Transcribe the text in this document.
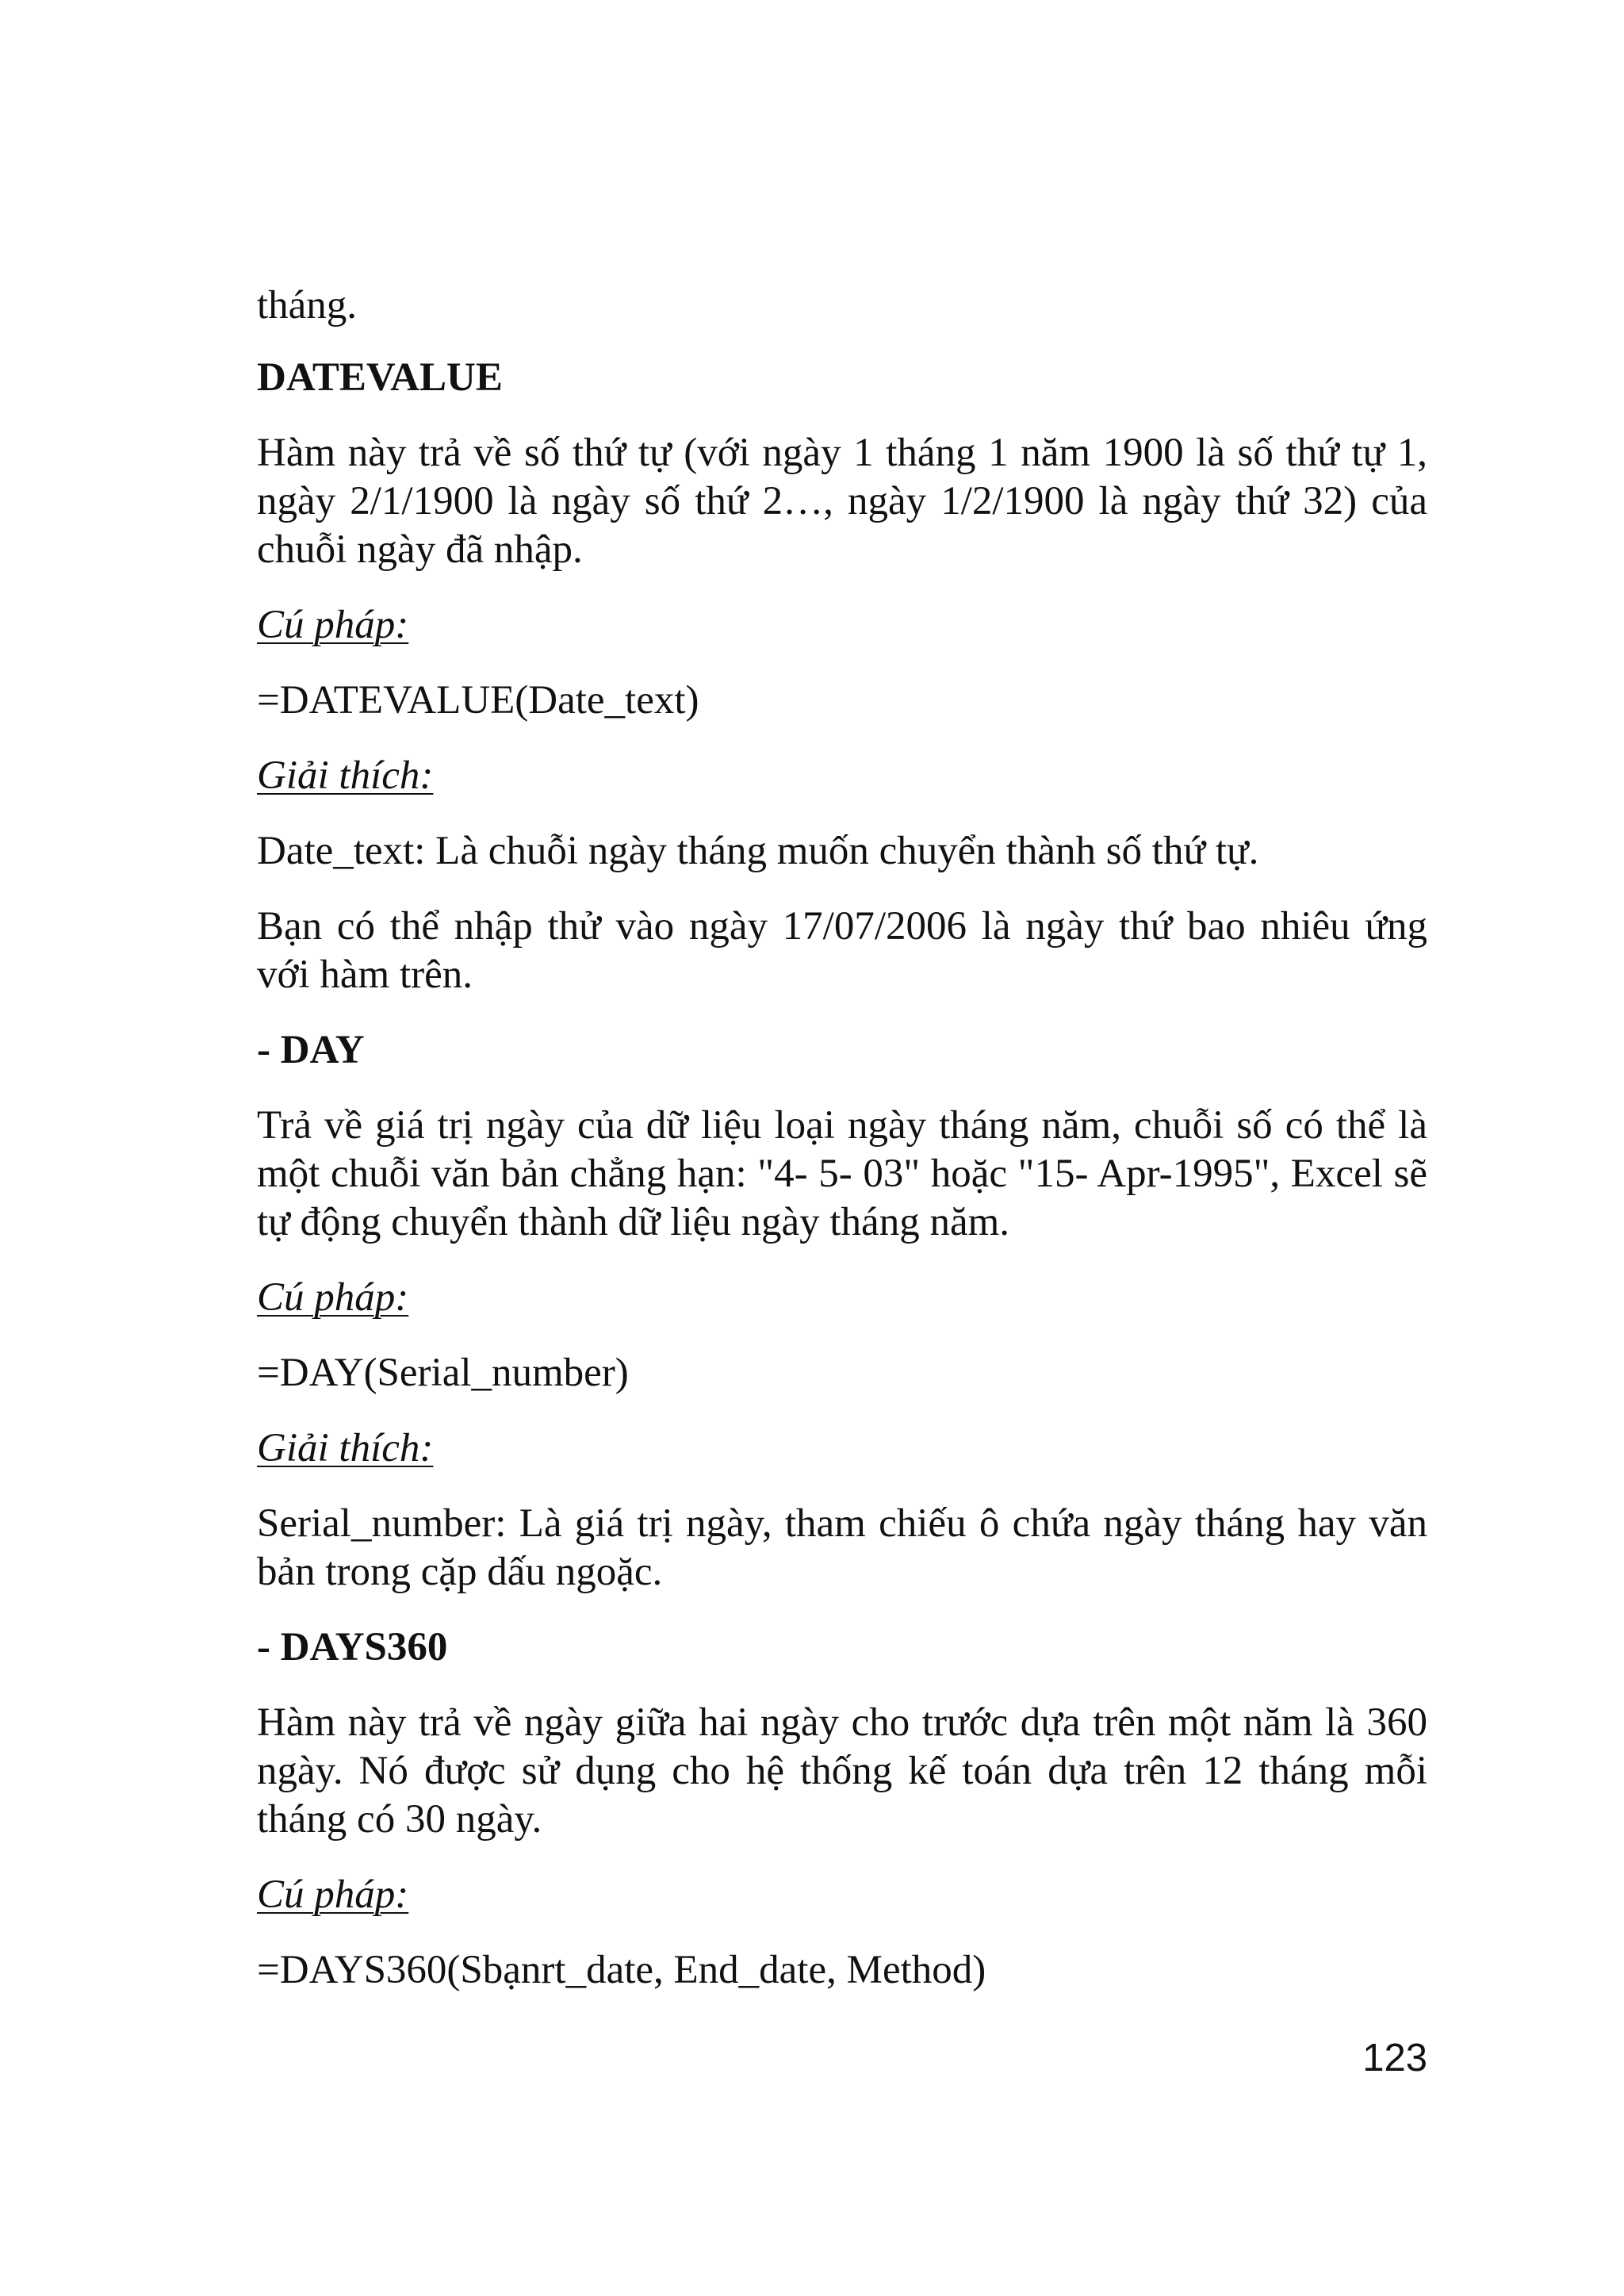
tháng.

DATEVALUE

Hàm này trả về số thứ tự (với ngày 1 tháng 1 năm 1900 là số thứ tự 1, ngày 2/1/1900 là ngày số thứ 2…, ngày 1/2/1900 là ngày thứ 32) của chuỗi ngày đã nhập.

Cú pháp:

=DATEVALUE(Date_text)

Giải thích:

Date_text: Là chuỗi ngày tháng muốn chuyển thành số thứ tự.

Bạn có thể nhập thử vào ngày 17/07/2006 là ngày thứ bao nhiêu ứng với hàm trên.

- DAY

Trả về giá trị ngày của dữ liệu loại ngày tháng năm, chuỗi số có thể là một chuỗi văn bản chẳng hạn: "4- 5- 03" hoặc "15- Apr-1995", Excel sẽ tự động chuyển thành dữ liệu ngày tháng năm.

Cú pháp:

=DAY(Serial_number)

Giải thích:

Serial_number: Là giá trị ngày, tham chiếu ô chứa ngày tháng hay văn bản trong cặp dấu ngoặc.

- DAYS360

Hàm này trả về ngày giữa hai ngày cho trước dựa trên một năm là 360 ngày. Nó được sử dụng cho hệ thống kế toán dựa trên 12 tháng mỗi tháng có 30 ngày.

Cú pháp:

=DAYS360(Sbạnrt_date, End_date, Method)

123
